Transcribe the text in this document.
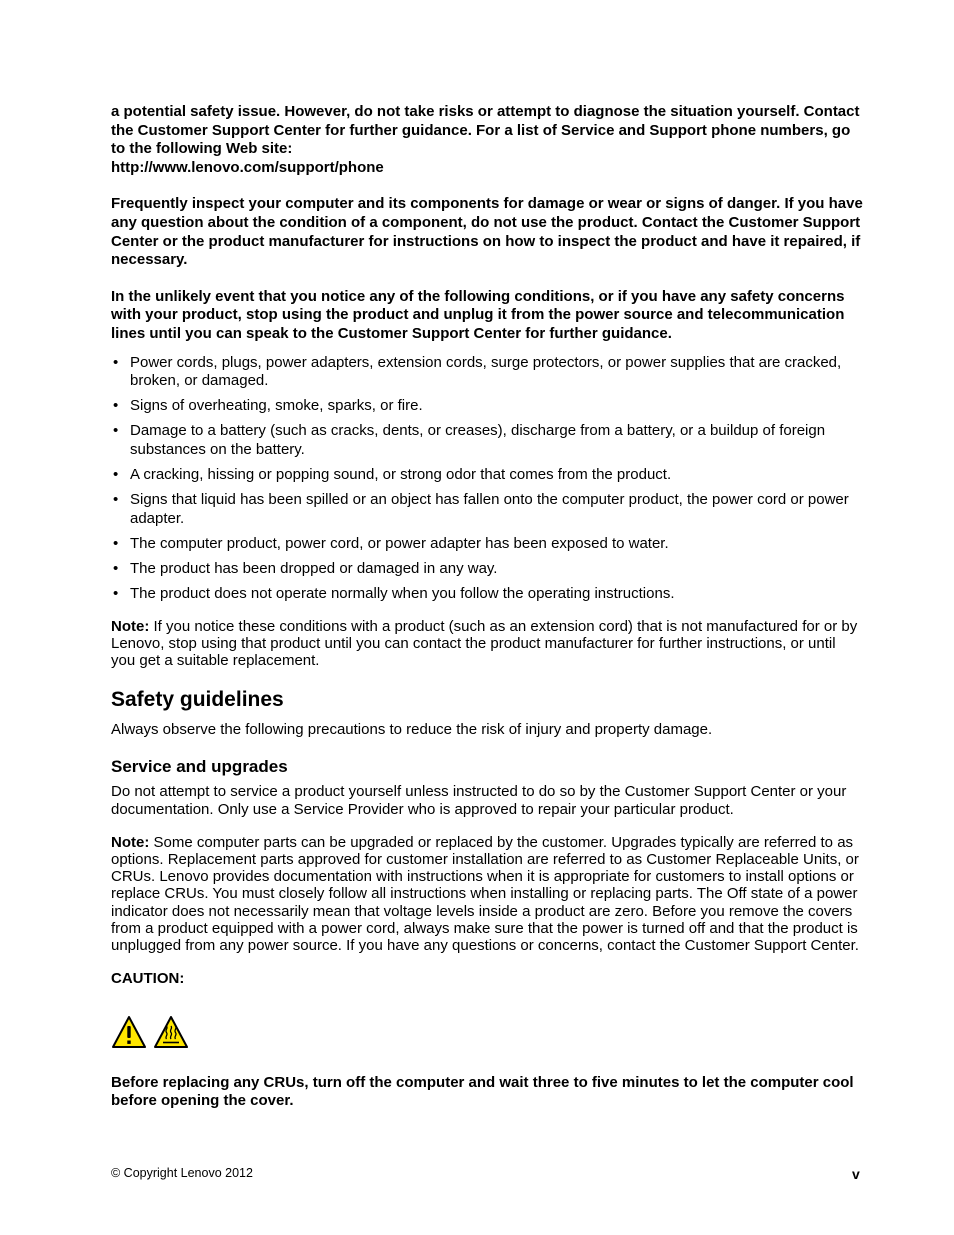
a potential safety issue. However, do not take risks or attempt to diagnose the situation yourself. Contact the Customer Support Center for further guidance. For a list of Service and Support phone numbers, go to the following Web site:
http://www.lenovo.com/support/phone

Frequently inspect your computer and its components for damage or wear or signs of danger. If you have any question about the condition of a component, do not use the product. Contact the Customer Support Center or the product manufacturer for instructions on how to inspect the product and have it repaired, if necessary.

In the unlikely event that you notice any of the following conditions, or if you have any safety concerns with your product, stop using the product and unplug it from the power source and telecommunication lines until you can speak to the Customer Support Center for further guidance.

• Power cords, plugs, power adapters, extension cords, surge protectors, or power supplies that are cracked, broken, or damaged.
• Signs of overheating, smoke, sparks, or fire.
• Damage to a battery (such as cracks, dents, or creases), discharge from a battery, or a buildup of foreign substances on the battery.
• A cracking, hissing or popping sound, or strong odor that comes from the product.
• Signs that liquid has been spilled or an object has fallen onto the computer product, the power cord or power adapter.
• The computer product, power cord, or power adapter has been exposed to water.
• The product has been dropped or damaged in any way.
• The product does not operate normally when you follow the operating instructions.

Note: If you notice these conditions with a product (such as an extension cord) that is not manufactured for or by Lenovo, stop using that product until you can contact the product manufacturer for further instructions, or until you get a suitable replacement.

Safety guidelines

Always observe the following precautions to reduce the risk of injury and property damage.

Service and upgrades

Do not attempt to service a product yourself unless instructed to do so by the Customer Support Center or your documentation. Only use a Service Provider who is approved to repair your particular product.

Note: Some computer parts can be upgraded or replaced by the customer. Upgrades typically are referred to as options. Replacement parts approved for customer installation are referred to as Customer Replaceable Units, or CRUs. Lenovo provides documentation with instructions when it is appropriate for customers to install options or replace CRUs. You must closely follow all instructions when installing or replacing parts. The Off state of a power indicator does not necessarily mean that voltage levels inside a product are zero. Before you remove the covers from a product equipped with a power cord, always make sure that the power is turned off and that the product is unplugged from any power source. If you have any questions or concerns, contact the Customer Support Center.

CAUTION:

Before replacing any CRUs, turn off the computer and wait three to five minutes to let the computer cool before opening the cover.

© Copyright Lenovo 2012	v
